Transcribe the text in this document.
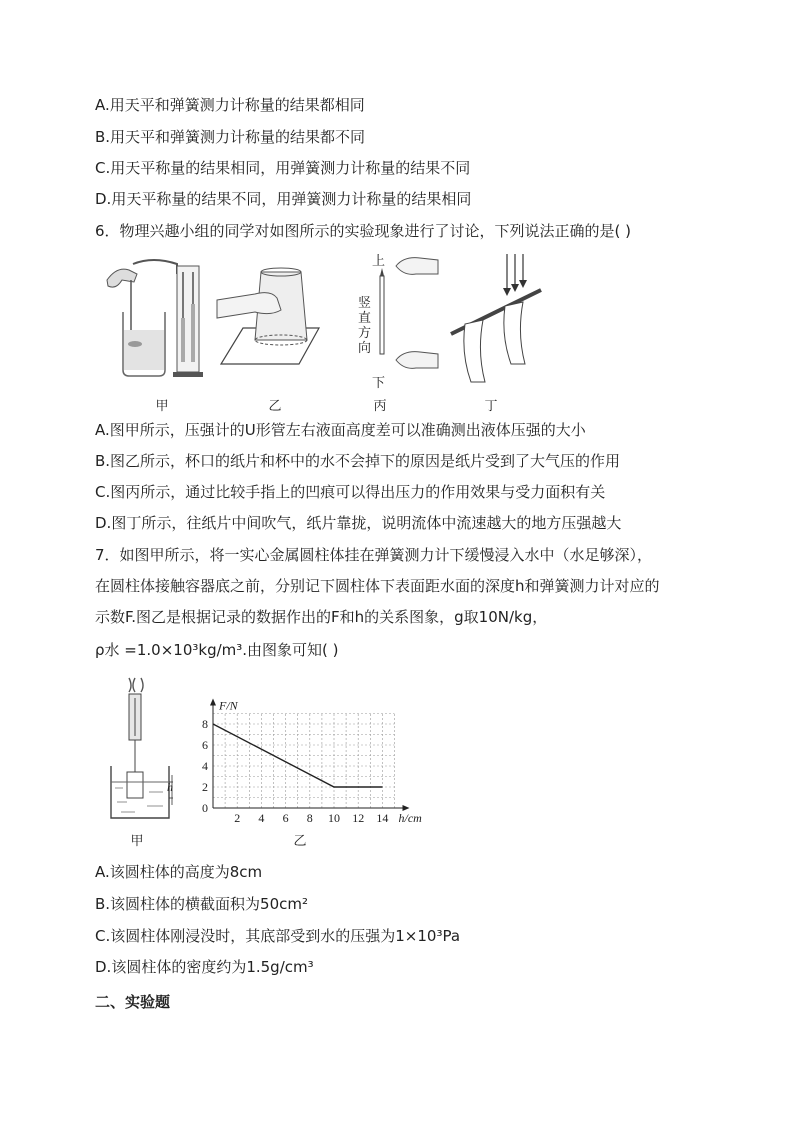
A.用天平和弹簧测力计称量的结果都相同
B.用天平和弹簧测力计称量的结果都不同
C.用天平称量的结果相同，用弹簧测力计称量的结果不同
D.用天平称量的结果不同，用弹簧测力计称量的结果相同
6．物理兴趣小组的同学对如图所示的实验现象进行了讨论，下列说法正确的是( )
甲	乙
上
竖
直
方
向
下
丙	丁
A.图甲所示，压强计的U形管左右液面高度差可以准确测出液体压强的大小
B.图乙所示，杯口的纸片和杯中的水不会掉下的原因是纸片受到了大气压的作用
C.图丙所示，通过比较手指上的凹痕可以得出压力的作用效果与受力面积有关
D.图丁所示，往纸片中间吹气，纸片靠拢，说明流体中流速越大的地方压强越大
7．如图甲所示，将一实心金属圆柱体挂在弹簧测力计下缓慢浸入水中（水足够深），
在圆柱体接触容器底之前，分别记下圆柱体下表面距水面的深度h和弹簧测力计对应的
示数F.图乙是根据记录的数据作出的F和h的关系图象，g取10N/kg，
ρ水 =1.0×10³kg/m³.由图象可知( )
h
甲
2 4 6 8 10 12 14
0
2
4
6
8
F/N
h/cm
乙
A.该圆柱体的高度为8cm
B.该圆柱体的横截面积为50cm²
C.该圆柱体刚浸没时，其底部受到水的压强为1×10³Pa
D.该圆柱体的密度约为1.5g/cm³
二、实验题
